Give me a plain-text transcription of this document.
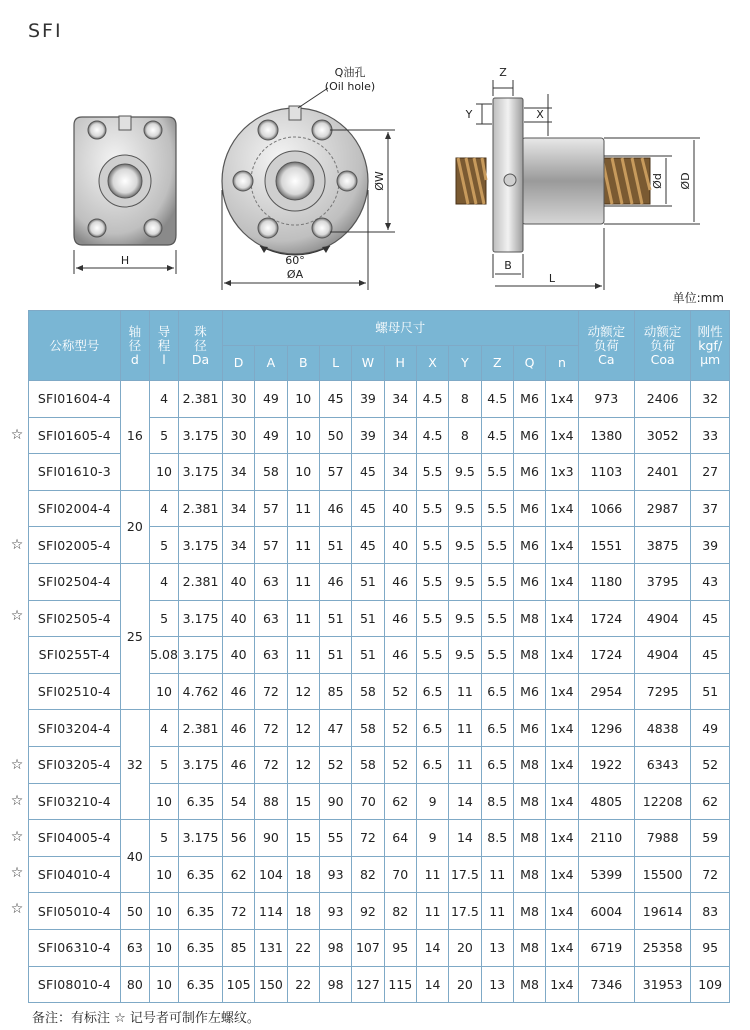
SFI
H
Q油孔
(Oil hole)
60°
ØA
ØW
Z
Y	X
Ød ØD
B
L
单位:mm
☆
☆
☆
☆
☆
☆
☆
☆
公称型号	轴
径
d	导
程
l	珠
径
Da	螺母尺寸											动额定
负荷
Ca	动额定
负荷
Coa	刚性
kgf/
μm
				D	A	B	L	W	H	X	Y	Z	Q	n			
SFI01604-4	16	4	2.381	30	49	10	45	39	34	4.5	8	4.5	M6	1x4	973	2406	32
SFI01605-4		5	3.175	30	49	10	50	39	34	4.5	8	4.5	M6	1x4	1380	3052	33
SFI01610-3		10	3.175	34	58	10	57	45	34	5.5	9.5	5.5	M6	1x3	1103	2401	27
SFI02004-4	20	4	2.381	34	57	11	46	45	40	5.5	9.5	5.5	M6	1x4	1066	2987	37
SFI02005-4		5	3.175	34	57	11	51	45	40	5.5	9.5	5.5	M6	1x4	1551	3875	39
SFI02504-4	25	4	2.381	40	63	11	46	51	46	5.5	9.5	5.5	M6	1x4	1180	3795	43
SFI02505-4		5	3.175	40	63	11	51	51	46	5.5	9.5	5.5	M8	1x4	1724	4904	45
SFI0255T-4		5.08	3.175	40	63	11	51	51	46	5.5	9.5	5.5	M8	1x4	1724	4904	45
SFI02510-4		10	4.762	46	72	12	85	58	52	6.5	11	6.5	M6	1x4	2954	7295	51
SFI03204-4	32	4	2.381	46	72	12	47	58	52	6.5	11	6.5	M6	1x4	1296	4838	49
SFI03205-4		5	3.175	46	72	12	52	58	52	6.5	11	6.5	M8	1x4	1922	6343	52
SFI03210-4		10	6.35	54	88	15	90	70	62	9	14	8.5	M8	1x4	4805	12208	62
SFI04005-4	40	5	3.175	56	90	15	55	72	64	9	14	8.5	M8	1x4	2110	7988	59
SFI04010-4		10	6.35	62	104	18	93	82	70	11	17.5	11	M8	1x4	5399	15500	72
SFI05010-4	50	10	6.35	72	114	18	93	92	82	11	17.5	11	M8	1x4	6004	19614	83
SFI06310-4	63	10	6.35	85	131	22	98	107	95	14	20	13	M8	1x4	6719	25358	95
SFI08010-4	80	10	6.35	105	150	22	98	127	115	14	20	13	M8	1x4	7346	31953	109
备注：有标注 ☆ 记号者可制作左螺纹。
